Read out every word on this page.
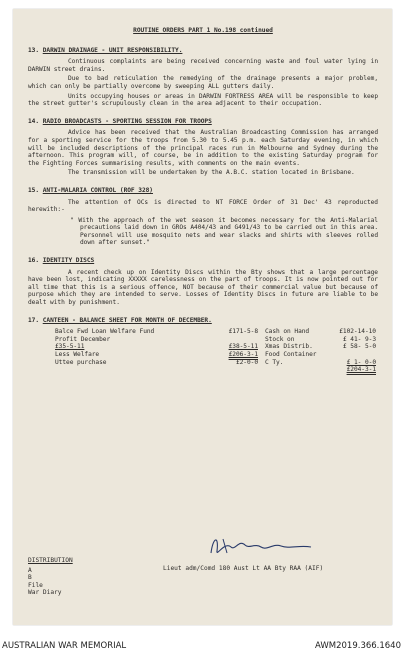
ROUTINE ORDERS PART 1 No.198 continued
13. DARWIN DRAINAGE - UNIT RESPONSIBILITY.
Continuous complaints are being received concerning waste and foul water lying in DARWIN street drains.
Due to bad reticulation the remedying of the drainage presents a major problem, which can only be partially overcome by sweeping ALL gutters daily.
Units occupying houses or areas in DARWIN FORTRESS AREA will be responsible to keep the street gutter's scrupulously clean in the area adjacent to their occupation.
14. RADIO BROADCASTS - SPORTING SESSION FOR TROOPS
Advice has been received that the Australian Broadcasting Commission has arranged for a sporting service for the troops from 5.30 to 5.45 p.m. each Saturday evening, in which will be included descriptions of the principal races run in Melbourne and Sydney during the afternoon. This program will, of course, be in addition to the existing Saturday program for the Fighting Forces summarising results, with comments on the main events.
The transmission will be undertaken by the A.B.C. station located in Brisbane.
15. ANTI-MALARIA CONTROL (ROF 328)
The attention of OCs is directed to NT FORCE Order of 31 Dec' 43 reproducted herewith:-
" With the approach of the wet season it becomes necessary for the Anti-Malarial precautions laid down in GROs A404/43 and G491/43 to be carried out in this area. Personnel will use mosquito nets and wear slacks and shirts with sleeves rolled down after sunset."
16. IDENTITY DISCS
A recent check up on Identity Discs within the Bty shows that a large percentage have been lost, indicating XXXXX carelessness on the part of troops. It is now pointed out for all time that this is a serious offence, NOT because of their commercial value but because of purpose which they are intended to serve. Losses of Identity Discs in future are liable to be dealt with by punishment.
17. CANTEEN - BALANCE SHEET FOR MONTH OF DECEMBER.
Balce Fwd Loan Welfare Fund
Profit December
£35-5-11
Less Welfare
Uttee purchase
£171-5-8
£38-5-11
£206-3-1
£2-0-0
Cash on Hand
Stock on
Xmas Distrib.
Food Container
C Ty.
£102-14-10
£ 41- 9-3
£ 58- 5-0
£ 1- 0-0
£204-3-1
Lieut adm/Comd 180 Aust Lt AA Bty RAA (AIF)
DISTRIBUTION
A
B
File
War Diary
AUSTRALIAN WAR MEMORIAL	AWM2019.366.1640
